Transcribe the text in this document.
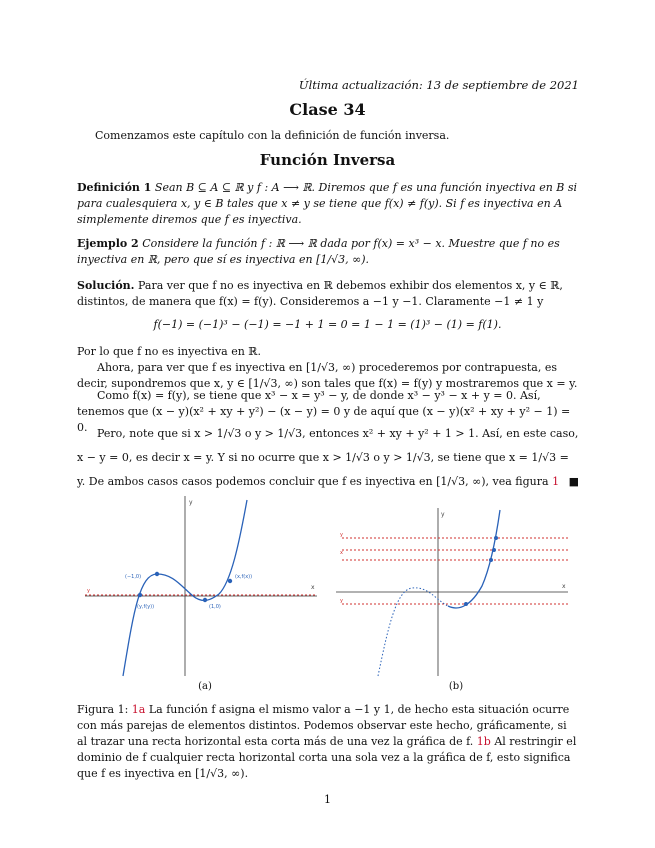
Última actualización: 13 de septiembre de 2021
Clase 34
Comenzamos este capítulo con la definición de función inversa.
Función Inversa
Definición 1 Sean B ⊆ A ⊆ ℝ y f : A ⟶ ℝ. Diremos que f es una función inyectiva en B si para cualesquiera x, y ∈ B tales que x ≠ y se tiene que f(x) ≠ f(y). Si f es inyectiva en A simplemente diremos que f es inyectiva.
Ejemplo 2 Considere la función f : ℝ ⟶ ℝ dada por f(x) = x³ − x. Muestre que f no es inyectiva en ℝ, pero que sí es inyectiva en [1/√3, ∞).
Solución. Para ver que f no es inyectiva en ℝ debemos exhibir dos elementos x, y ∈ ℝ, distintos, de manera que f(x) = f(y). Consideremos a −1 y −1. Claramente −1 ≠ 1 y
f(−1) = (−1)³ − (−1) = −1 + 1 = 0 = 1 − 1 = (1)³ − (1) = f(1).
Por lo que f no es inyectiva en ℝ.
Ahora, para ver que f es inyectiva en [1/√3, ∞) procederemos por contrapuesta, es decir, supondremos que x, y ∈ [1/√3, ∞) son tales que f(x) = f(y) y mostraremos que x = y.
Como f(x) = f(y), se tiene que x³ − x = y³ − y, de donde x³ − y³ − x + y = 0. Así, tenemos que (x − y)(x² + xy + y²) − (x − y) = 0 y de aquí que (x − y)(x² + xy + y² − 1) = 0. Pero, note que si x > 1/√3 o y > 1/√3, entonces x² + xy + y² + 1 > 1. Así, en este caso, x − y = 0, es decir x = y. Y si no ocurre que x > 1/√3 o y > 1/√3, se tiene que x = 1/√3 = y. De ambos casos casos podemos concluir que f es inyectiva en [1/√3, ∞), vea figura 1 ■
y
x
(−1,0)	(x,f(x))
(y,f(y))	(1,0)
y
(a)
y
x
y
x
y
(b)
Figura 1: 1a La función f asigna el mismo valor a −1 y 1, de hecho esta situación ocurre con más parejas de elementos distintos. Podemos observar este hecho, gráficamente, si al trazar una recta horizontal esta corta más de una vez la gráfica de f. 1b Al restringir el dominio de f cualquier recta horizontal corta una sola vez a la gráfica de f, esto significa que f es inyectiva en [1/√3, ∞).
1
